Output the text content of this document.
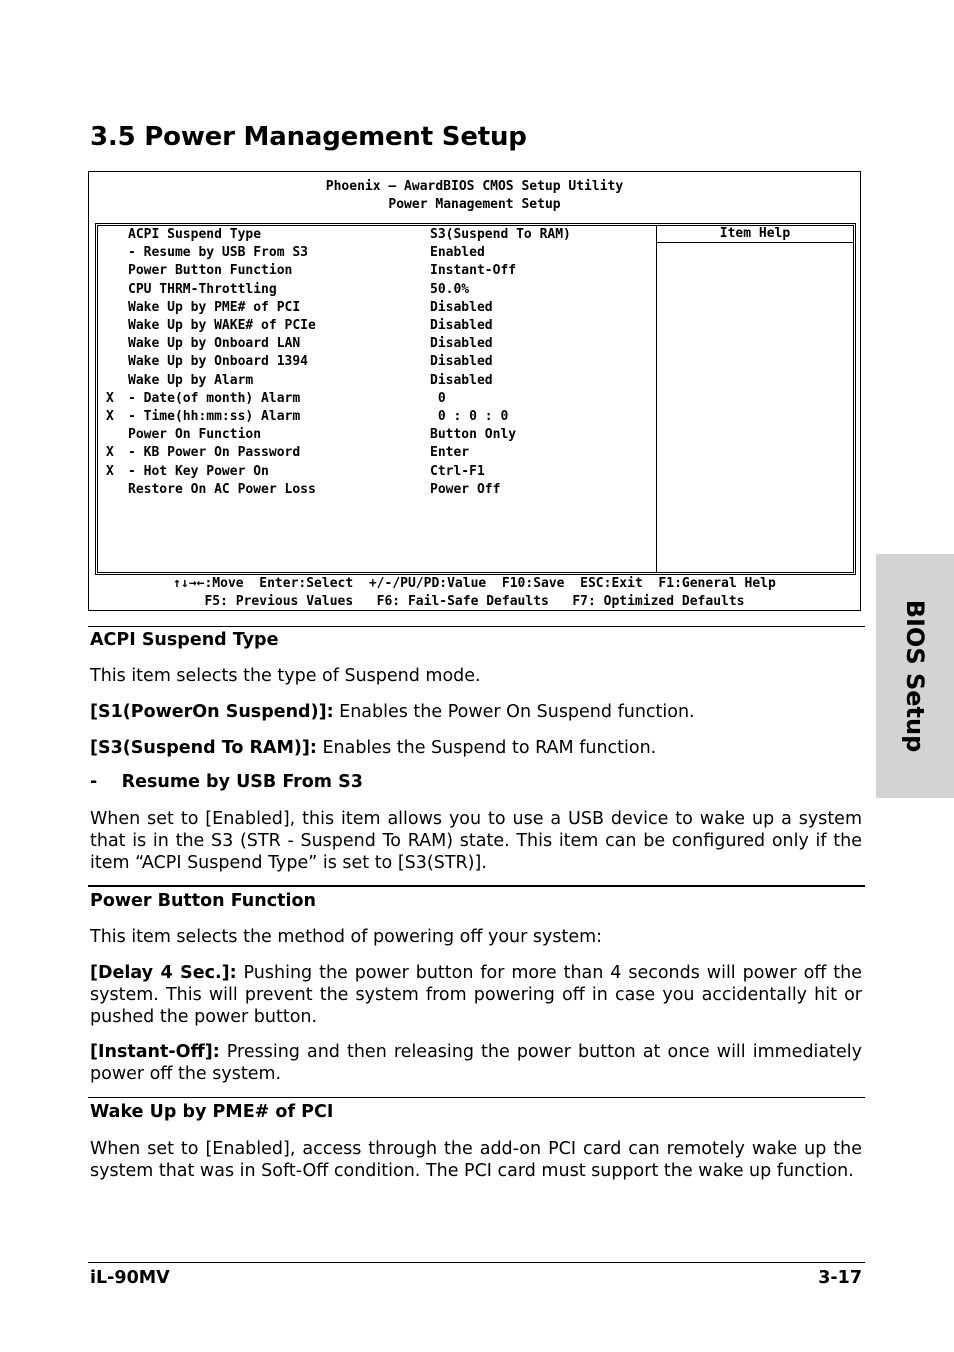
3.5 Power Management Setup
Phoenix – AwardBIOS CMOS Setup Utility
Power Management Setup
ACPI Suspend Type	S3(Suspend To RAM)
- Resume by USB From S3	Enabled
Power Button Function	Instant-Off
CPU THRM-Throttling	50.0%
Wake Up by PME# of PCI	Disabled
Wake Up by WAKE# of PCIe	Disabled
Wake Up by Onboard LAN	Disabled
Wake Up by Onboard 1394	Disabled
Wake Up by Alarm	Disabled
X - Date(of month) Alarm	0
X - Time(hh:mm:ss) Alarm	0 : 0 : 0
Power On Function	Button Only
X - KB Power On Password	Enter
X - Hot Key Power On	Ctrl-F1
Restore On AC Power Loss	Power Off
Item Help
↑↓→←:Move  Enter:Select  +/-/PU/PD:Value  F10:Save  ESC:Exit  F1:General Help
F5: Previous Values   F6: Fail-Safe Defaults   F7: Optimized Defaults
ACPI Suspend Type
This item selects the type of Suspend mode.
[S1(PowerOn Suspend)]: Enables the Power On Suspend function.
[S3(Suspend To RAM)]: Enables the Suspend to RAM function.
-    Resume by USB From S3
When set to [Enabled], this item allows you to use a USB device to wake up a system that is in the S3 (STR - Suspend To RAM) state. This item can be configured only if the item “ACPI Suspend Type” is set to [S3(STR)].
Power Button Function
This item selects the method of powering off your system:
[Delay 4 Sec.]: Pushing the power button for more than 4 seconds will power off the system. This will prevent the system from powering off in case you accidentally hit or pushed the power button.
[Instant-Off]: Pressing and then releasing the power button at once will immediately power off the system.
Wake Up by PME# of PCI
When set to [Enabled], access through the add-on PCI card can remotely wake up the system that was in Soft-Off condition. The PCI card must support the wake up function.
BIOS Setup
iL-90MV	3-17
